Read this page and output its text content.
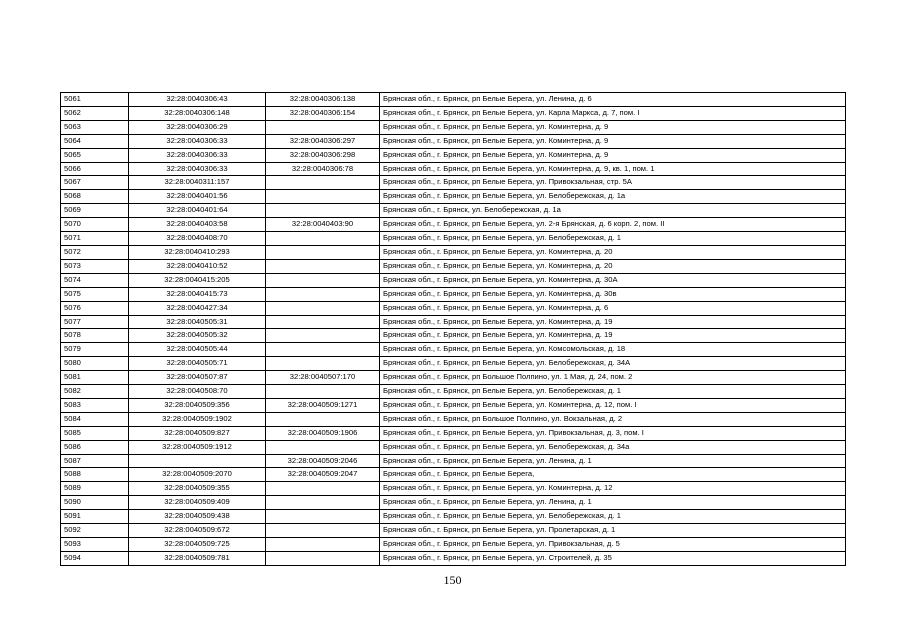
5061	32:28:0040306:43	32:28:0040306:138	Брянская обл., г. Брянск, рп Белые Берега, ул. Ленина, д. 6
5062	32:28:0040306:148	32:28:0040306:154	Брянская обл., г. Брянск, рп Белые Берега, ул. Карла Маркса, д. 7, пом. I
5063	32:28:0040306:29		Брянская обл., г. Брянск, рп Белые Берега, ул. Коминтерна, д. 9
5064	32:28:0040306:33	32:28:0040306:297	Брянская обл., г. Брянск, рп Белые Берега, ул. Коминтерна, д. 9
5065	32:28:0040306:33	32:28:0040306:298	Брянская обл., г. Брянск, рп Белые Берега, ул. Коминтерна, д. 9
5066	32:28:0040306:33	32:28:0040306:78	Брянская обл., г. Брянск, рп Белые Берега, ул. Коминтерна, д. 9, кв. 1, пом. 1
5067	32:28:0040311:157		Брянская обл., г. Брянск, рп Белые Берега, ул. Привокзальная, стр. 5А
5068	32:28:0040401:56		Брянская обл., г. Брянск, рп Белые Берега, ул. Белобережская, д. 1а
5069	32:28:0040401:64		Брянская обл., г. Брянск, ул. Белобережская, д. 1а
5070	32:28:0040403:58	32:28:0040403:90	Брянская обл., г. Брянск, рп Белые Берега, ул. 2-я Брянская, д. 6 корп. 2, пом. II
5071	32:28:0040408:70		Брянская обл., г. Брянск, рп Белые Берега, ул. Белобережская, д. 1
5072	32:28:0040410:293		Брянская обл., г. Брянск, рп Белые Берега, ул. Коминтерна, д. 20
5073	32:28:0040410:52		Брянская обл., г. Брянск, рп Белые Берега, ул. Коминтерна, д. 20
5074	32:28:0040415:205		Брянская обл., г. Брянск, рп Белые Берега, ул. Коминтерна, д. 30А
5075	32:28:0040415:73		Брянская обл., г. Брянск, рп Белые Берега, ул. Коминтерна, д. 30в
5076	32:28:0040427:34		Брянская обл., г. Брянск, рп Белые Берега, ул. Коминтерна, д. 6
5077	32:28:0040505:31		Брянская обл., г. Брянск, рп Белые Берега, ул. Коминтерна, д. 19
5078	32:28:0040505:32		Брянская обл., г. Брянск, рп Белые Берега, ул. Коминтерна, д. 19
5079	32:28:0040505:44		Брянская обл., г. Брянск, рп Белые Берега, ул. Комсомольская, д. 18
5080	32:28:0040505:71		Брянская обл., г. Брянск, рп Белые Берега, ул. Белобережская, д. 34А
5081	32:28:0040507:87	32:28:0040507:170	Брянская обл., г. Брянск, рп Большое Полпино, ул. 1 Мая, д. 24, пом. 2
5082	32:28:0040508:70		Брянская обл., г. Брянск, рп Белые Берега, ул. Белобережская, д. 1
5083	32:28:0040509:356	32:28:0040509:1271	Брянская обл., г. Брянск, рп Белые Берега, ул. Коминтерна, д. 12, пом. I
5084	32:28:0040509:1902		Брянская обл., г. Брянск, рп Большое Полпино, ул. Вокзальная, д. 2
5085	32:28:0040509:827	32:28:0040509:1906	Брянская обл., г. Брянск, рп Белые Берега, ул. Привокзальная, д. 3, пом. I
5086	32:28:0040509:1912		Брянская обл., г. Брянск, рп Белые Берега, ул. Белобережская, д. 34а
5087		32:28:0040509:2046	Брянская обл., г. Брянск, рп Белые Берега, ул. Ленина, д. 1
5088	32:28:0040509:2070	32:28:0040509:2047	Брянская обл., г. Брянск, рп Белые Берега,
5089	32:28:0040509:355		Брянская обл., г. Брянск, рп Белые Берега, ул. Коминтерна, д. 12
5090	32:28:0040509:409		Брянская обл., г. Брянск, рп Белые Берега, ул. Ленина, д. 1
5091	32:28:0040509:438		Брянская обл., г. Брянск, рп Белые Берега, ул. Белобережская, д. 1
5092	32:28:0040509:672		Брянская обл., г. Брянск, рп Белые Берега, ул. Пролетарская, д. 1
5093	32:28:0040509:725		Брянская обл., г. Брянск, рп Белые Берега, ул. Привокзальная, д. 5
5094	32:28:0040509:781		Брянская обл., г. Брянск, рп Белые Берега, ул. Строителей, д. 35
150
